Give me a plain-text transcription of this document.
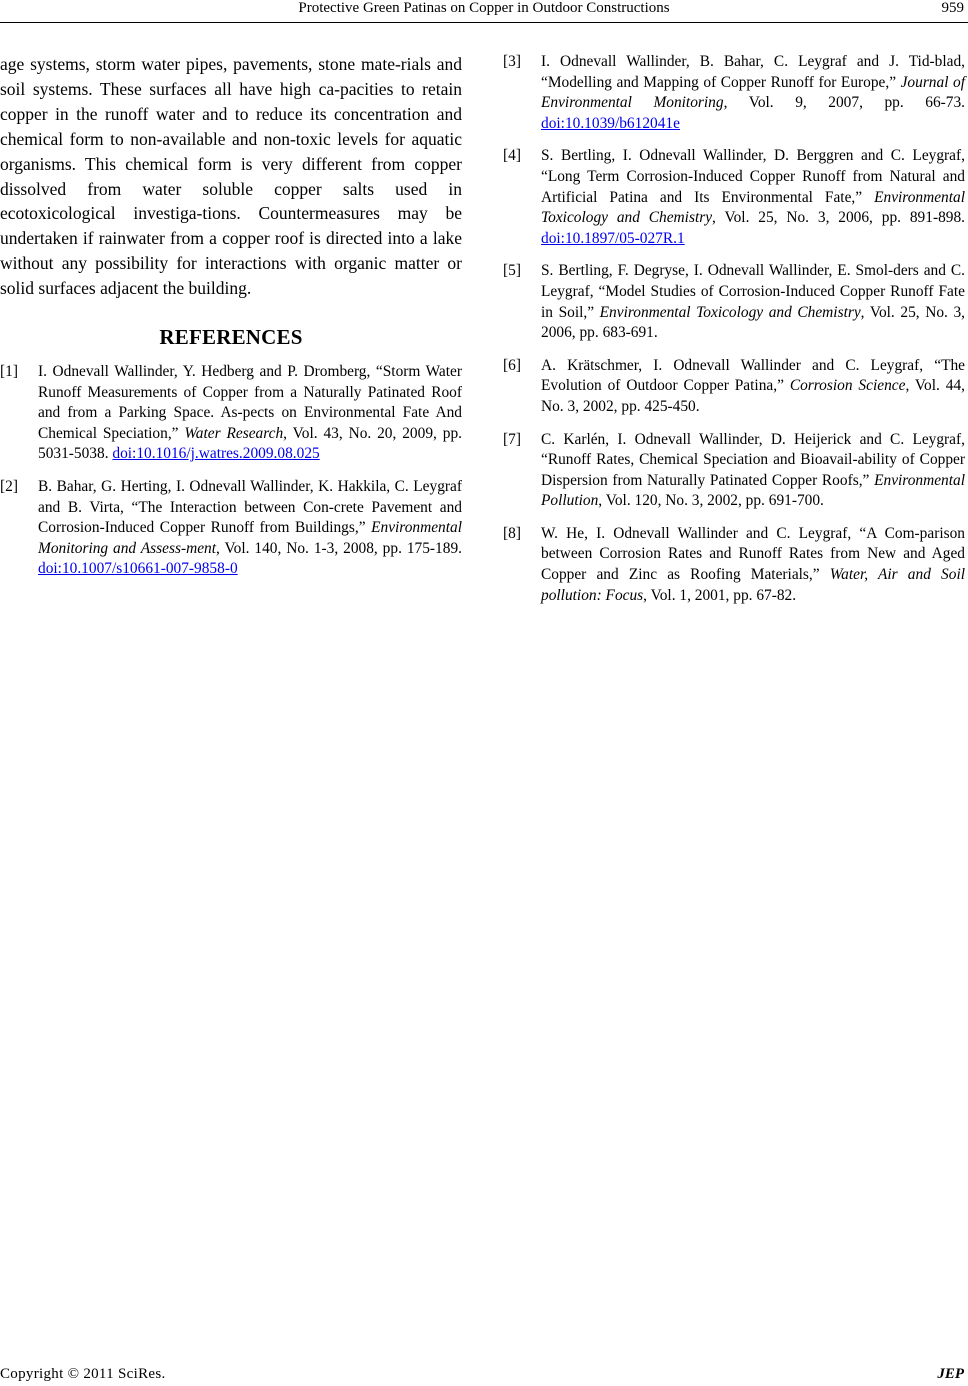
Protective Green Patinas on Copper in Outdoor Constructions	959

age systems, storm water pipes, pavements, stone mate-rials and soil systems. These surfaces all have high ca-pacities to retain copper in the runoff water and to reduce its concentration and chemical form to non-available and non-toxic levels for aquatic organisms. This chemical form is very different from copper dissolved from water soluble copper salts used in ecotoxicological investiga-tions. Countermeasures may be undertaken if rainwater from a copper roof is directed into a lake without any possibility for interactions with organic matter or solid surfaces adjacent the building.

REFERENCES
[1] I. Odnevall Wallinder, Y. Hedberg and P. Dromberg, “Storm Water Runoff Measurements of Copper from a Naturally Patinated Roof and from a Parking Space. As-pects on Environmental Fate And Chemical Speciation,” Water Research, Vol. 43, No. 20, 2009, pp. 5031-5038. doi:10.1016/j.watres.2009.08.025
[2] B. Bahar, G. Herting, I. Odnevall Wallinder, K. Hakkila, C. Leygraf and B. Virta, “The Interaction between Con-crete Pavement and Corrosion-Induced Copper Runoff from Buildings,” Environmental Monitoring and Assess-ment, Vol. 140, No. 1-3, 2008, pp. 175-189. doi:10.1007/s10661-007-9858-0
[3] I. Odnevall Wallinder, B. Bahar, C. Leygraf and J. Tid-blad, “Modelling and Mapping of Copper Runoff for Europe,” Journal of Environmental Monitoring, Vol. 9, 2007, pp. 66-73. doi:10.1039/b612041e
[4] S. Bertling, I. Odnevall Wallinder, D. Berggren and C. Leygraf, “Long Term Corrosion-Induced Copper Runoff from Natural and Artificial Patina and Its Environmental Fate,” Environmental Toxicology and Chemistry, Vol. 25, No. 3, 2006, pp. 891-898. doi:10.1897/05-027R.1
[5] S. Bertling, F. Degryse, I. Odnevall Wallinder, E. Smol-ders and C. Leygraf, “Model Studies of Corrosion-Induced Copper Runoff Fate in Soil,” Environmental Toxicology and Chemistry, Vol. 25, No. 3, 2006, pp. 683-691.
[6] A. Krätschmer, I. Odnevall Wallinder and C. Leygraf, “The Evolution of Outdoor Copper Patina,” Corrosion Science, Vol. 44, No. 3, 2002, pp. 425-450.
[7] C. Karlén, I. Odnevall Wallinder, D. Heijerick and C. Leygraf, “Runoff Rates, Chemical Speciation and Bioavail-ability of Copper Dispersion from Naturally Patinated Copper Roofs,” Environmental Pollution, Vol. 120, No. 3, 2002, pp. 691-700.
[8] W. He, I. Odnevall Wallinder and C. Leygraf, “A Com-parison between Corrosion Rates and Runoff Rates from New and Aged Copper and Zinc as Roofing Materials,” Water, Air and Soil pollution: Focus, Vol. 1, 2001, pp. 67-82.
Copyright © 2011 SciRes.	JEP
